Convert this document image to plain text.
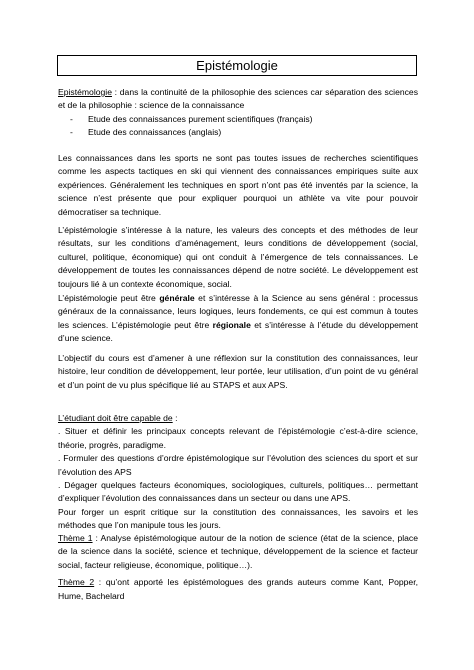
Epistémologie

Epistémologie : dans la continuité de la philosophie des sciences car séparation des sciences et de la philosophie : science de la connaissance

- Etude des connaissances purement scientifiques (français)
- Etude des connaissances (anglais)

Les connaissances dans les sports ne sont pas toutes issues de recherches scientifiques comme les aspects tactiques en ski qui viennent des connaissances empiriques suite aux expériences. Généralement les techniques en sport n’ont pas été inventés par la science, la science n’est présente que pour expliquer pourquoi un athlète va vite pour pouvoir démocratiser sa technique.

L’épistémologie s’intéresse à la nature, les valeurs des concepts et des méthodes de leur résultats, sur les conditions d’aménagement, leurs conditions de développement (social, culturel, politique, économique) qui ont conduit à l’émergence de tels connaissances. Le développement de toutes les connaissances dépend de notre société. Le développement est toujours lié à un contexte économique, social.

L’épistémologie peut être générale et s’intéresse à la Science au sens général : processus généraux de la connaissance, leurs logiques, leurs fondements, ce qui est commun à toutes les sciences. L’épistémologie peut être régionale et s’intéresse à l’étude du développement d’une science.

L’objectif du cours est d’amener à une réflexion sur la constitution des connaissances, leur histoire, leur condition de développement, leur portée, leur utilisation, d’un point de vu général et d’un point de vu plus spécifique lié au STAPS et aux APS.

L’étudiant doit être capable de :

. Situer et définir les principaux concepts relevant de l’épistémologie c’est-à-dire science, théorie, progrès, paradigme.

. Formuler des questions d’ordre épistémologique sur l’évolution des sciences du sport et sur l’évolution des APS

. Dégager quelques facteurs économiques, sociologiques, culturels, politiques… permettant d’expliquer l’évolution des connaissances dans un secteur ou dans une APS.

Pour forger un esprit critique sur la constitution des connaissances, les savoirs et les méthodes que l’on manipule tous les jours.

Thème 1 : Analyse épistémologique autour de la notion de science (état de la science, place de la science dans la société, science et technique, développement de la science et facteur social, facteur religieuse, économique, politique…).

Thème 2 : qu’ont apporté les épistémologues des grands auteurs comme Kant, Popper, Hume, Bachelard
